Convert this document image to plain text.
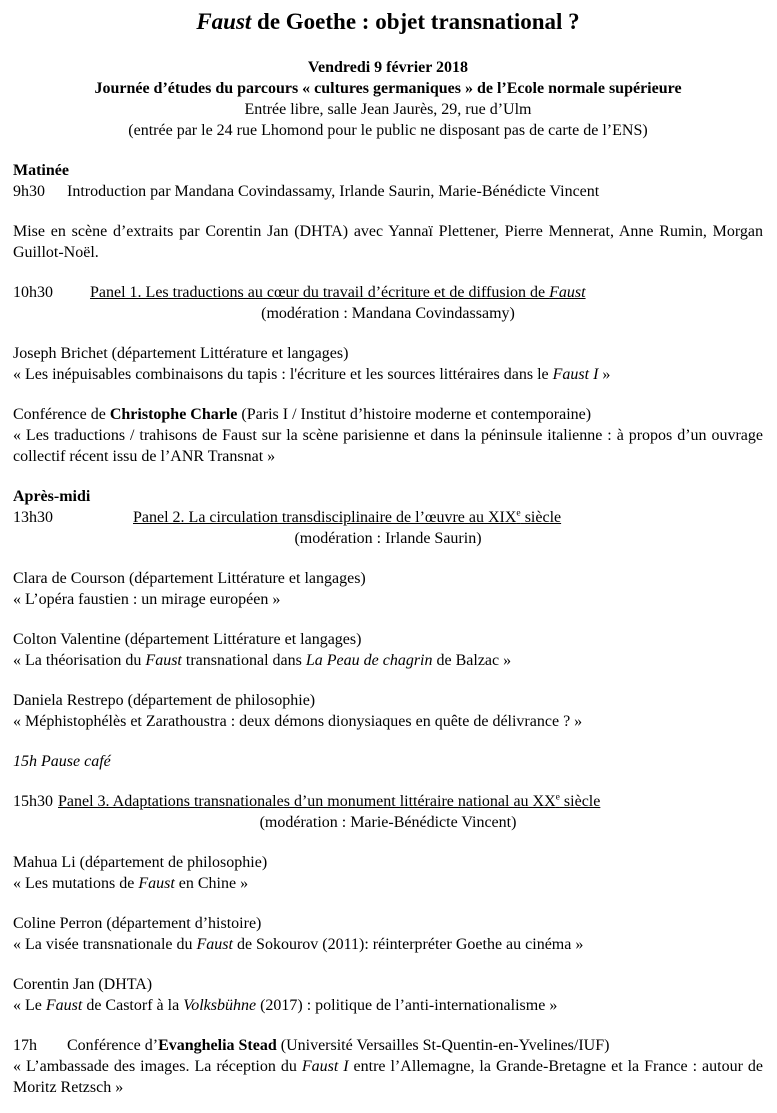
Faust de Goethe : objet transnational ?
Vendredi 9 février 2018
Journée d’études du parcours « cultures germaniques » de l’Ecole normale supérieure
Entrée libre, salle Jean Jaurès, 29, rue d’Ulm
(entrée par le 24 rue Lhomond pour le public ne disposant pas de carte de l’ENS)
Matinée
9h30	Introduction par Mandana Covindassamy, Irlande Saurin, Marie-Bénédicte Vincent

Mise en scène d’extraits par Corentin Jan (DHTA) avec Yannaï Plettener, Pierre Mennerat, Anne Rumin, Morgan Guillot-Noël.

10h30	Panel 1. Les traductions au cœur du travail d’écriture et de diffusion de Faust
(modération : Mandana Covindassamy)
Joseph Brichet (département Littérature et langages)
« Les inépuisables combinaisons du tapis : l'écriture et les sources littéraires dans le Faust I »
Conférence de Christophe Charle (Paris I / Institut d’histoire moderne et contemporaine)
« Les traductions / trahisons de Faust sur la scène parisienne et dans la péninsule italienne : à propos d’un ouvrage collectif récent issu de l’ANR Transnat »
Après-midi
13h30	Panel 2. La circulation transdisciplinaire de l’œuvre au XIXe siècle
(modération : Irlande Saurin)
Clara de Courson (département Littérature et langages)
« L’opéra faustien : un mirage européen »
Colton Valentine (département Littérature et langages)
« La théorisation du Faust transnational dans La Peau de chagrin de Balzac »
Daniela Restrepo (département de philosophie)
« Méphistophélès et Zarathoustra : deux démons dionysiaques en quête de délivrance ? »
15h Pause café
15h30 Panel 3. Adaptations transnationales d’un monument littéraire national au XXe siècle
(modération : Marie-Bénédicte Vincent)
Mahua Li (département de philosophie)
« Les mutations de Faust en Chine »
Coline Perron (département d’histoire)
« La visée transnationale du Faust de Sokourov (2011): réinterpréter Goethe au cinéma »
Corentin Jan (DHTA)
« Le Faust de Castorf à la Volksbühne (2017) : politique de l’anti-internationalisme »
17h	Conférence d’Evanghelia Stead (Université Versailles St-Quentin-en-Yvelines/IUF)
« L’ambassade des images. La réception du Faust I entre l’Allemagne, la Grande-Bretagne et la France : autour de Moritz Retzsch »
